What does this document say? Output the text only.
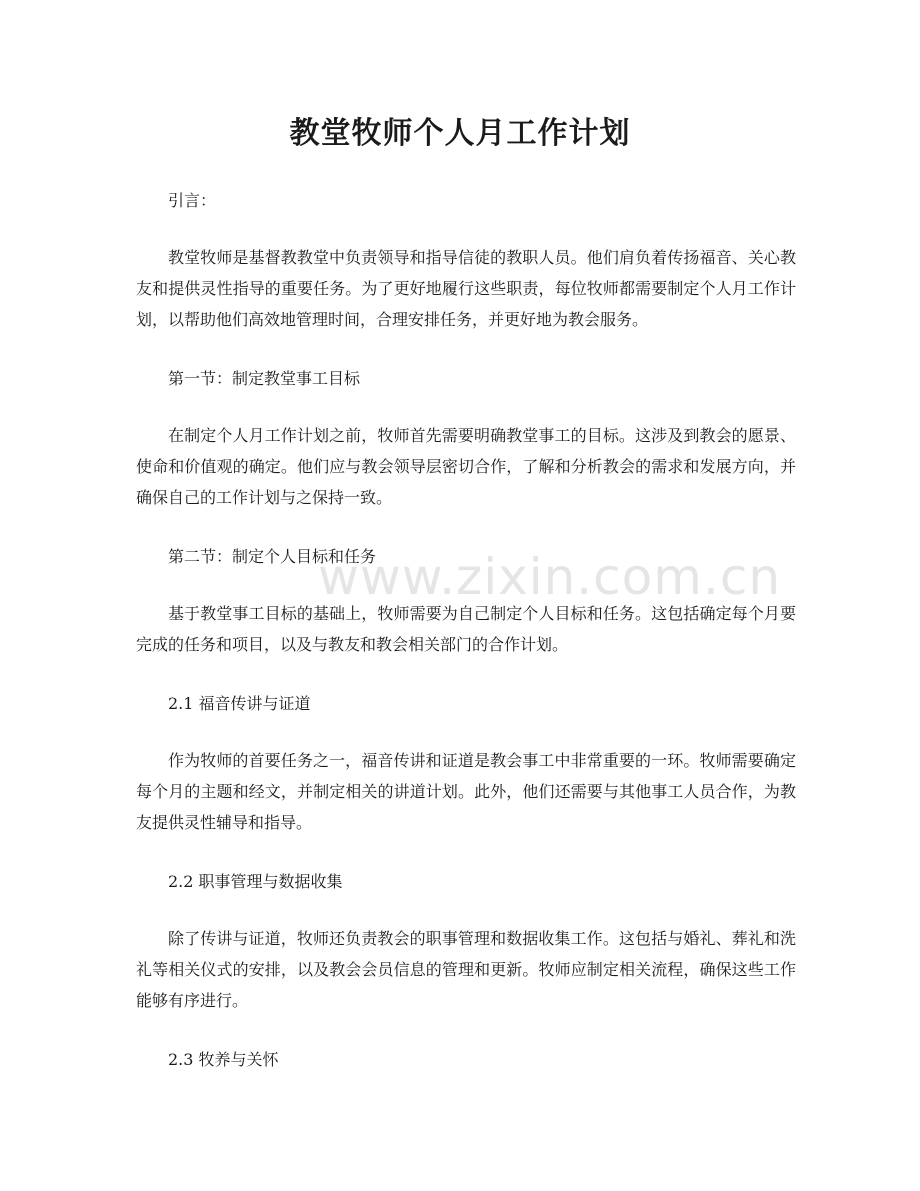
教堂牧师个人月工作计划

引言：

教堂牧师是基督教教堂中负责领导和指导信徒的教职人员。他们肩负着传扬福音、关心教友和提供灵性指导的重要任务。为了更好地履行这些职责，每位牧师都需要制定个人月工作计划，以帮助他们高效地管理时间，合理安排任务，并更好地为教会服务。

第一节：制定教堂事工目标

在制定个人月工作计划之前，牧师首先需要明确教堂事工的目标。这涉及到教会的愿景、使命和价值观的确定。他们应与教会领导层密切合作，了解和分析教会的需求和发展方向，并确保自己的工作计划与之保持一致。

第二节：制定个人目标和任务

基于教堂事工目标的基础上，牧师需要为自己制定个人目标和任务。这包括确定每个月要完成的任务和项目，以及与教友和教会相关部门的合作计划。

2.1 福音传讲与证道

作为牧师的首要任务之一，福音传讲和证道是教会事工中非常重要的一环。牧师需要确定每个月的主题和经文，并制定相关的讲道计划。此外，他们还需要与其他事工人员合作，为教友提供灵性辅导和指导。

2.2 职事管理与数据收集

除了传讲与证道，牧师还负责教会的职事管理和数据收集工作。这包括与婚礼、葬礼和洗礼等相关仪式的安排，以及教会会员信息的管理和更新。牧师应制定相关流程，确保这些工作能够有序进行。

2.3 牧养与关怀

www.zixin.com.cn
